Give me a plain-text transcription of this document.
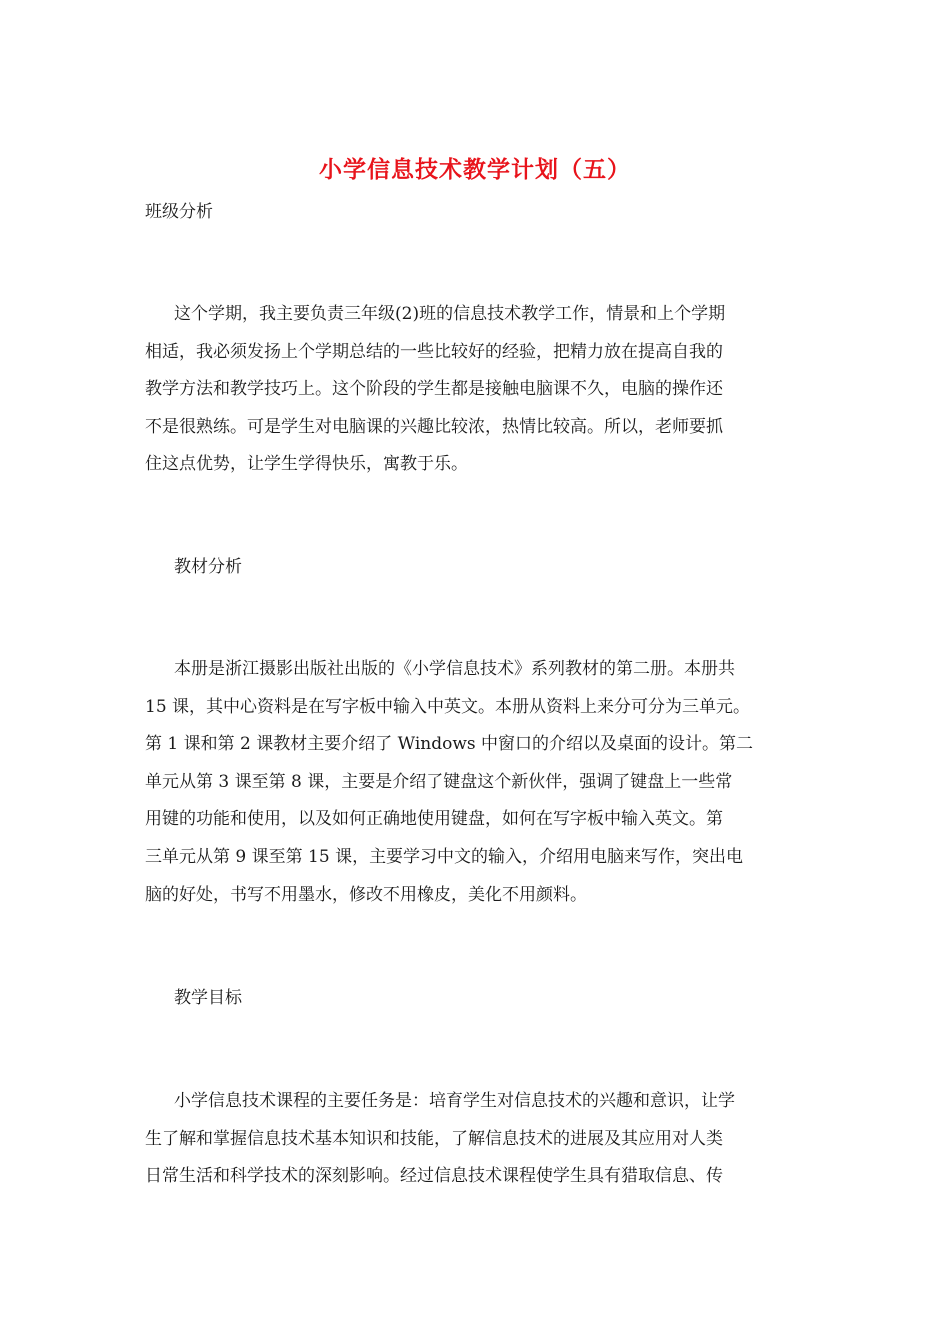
小学信息技术教学计划（五）
班级分析
这个学期，我主要负责三年级(2)班的信息技术教学工作，情景和上个学期
相适，我必须发扬上个学期总结的一些比较好的经验，把精力放在提高自我的
教学方法和教学技巧上。这个阶段的学生都是接触电脑课不久，电脑的操作还
不是很熟练。可是学生对电脑课的兴趣比较浓，热情比较高。所以，老师要抓
住这点优势，让学生学得快乐，寓教于乐。
教材分析
本册是浙江摄影出版社出版的《小学信息技术》系列教材的第二册。本册共
15 课，其中心资料是在写字板中输入中英文。本册从资料上来分可分为三单元。
第 1 课和第 2 课教材主要介绍了 Windows 中窗口的介绍以及桌面的设计。第二
单元从第 3 课至第 8 课，主要是介绍了键盘这个新伙伴，强调了键盘上一些常
用键的功能和使用，以及如何正确地使用键盘，如何在写字板中输入英文。第
三单元从第 9 课至第 15 课，主要学习中文的输入，介绍用电脑来写作，突出电
脑的好处，书写不用墨水，修改不用橡皮，美化不用颜料。
教学目标
小学信息技术课程的主要任务是：培育学生对信息技术的兴趣和意识，让学
生了解和掌握信息技术基本知识和技能，了解信息技术的进展及其应用对人类
日常生活和科学技术的深刻影响。经过信息技术课程使学生具有猎取信息、传
